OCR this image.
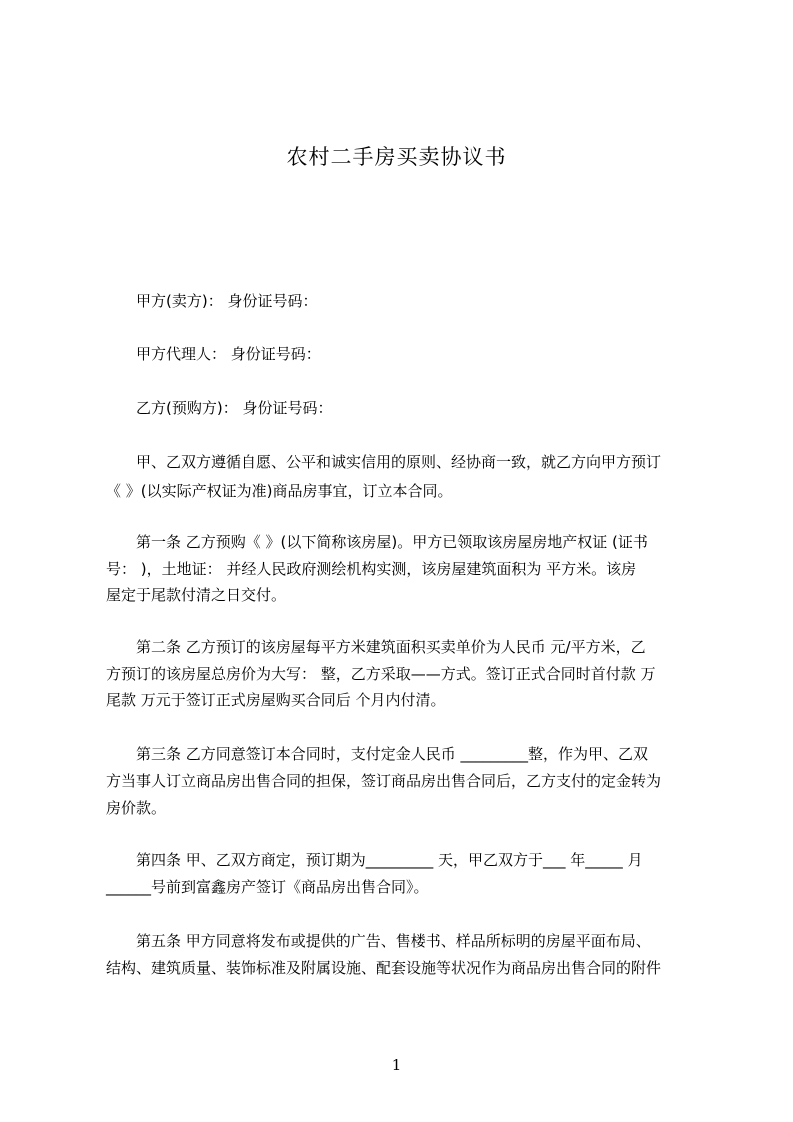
农村二手房买卖协议书
甲方(卖方)： 身份证号码：
甲方代理人： 身份证号码：
乙方(预购方)： 身份证号码：
甲、乙双方遵循自愿、公平和诚实信用的原则、经协商一致，就乙方向甲方预订
《 》(以实际产权证为准)商品房事宜，订立本合同。
第一条 乙方预购《 》(以下简称该房屋)。甲方已领取该房屋房地产权证 (证书
号： )，土地证： 并经人民政府测绘机构实测，该房屋建筑面积为 平方米。该房
屋定于尾款付清之日交付。
第二条 乙方预订的该房屋每平方米建筑面积买卖单价为人民币 元/平方米，乙
方预订的该房屋总房价为大写： 整，乙方采取——方式。签订正式合同时首付款 万
尾款 万元于签订正式房屋购买合同后 个月内付清。
第三条 乙方同意签订本合同时，支付定金人民币 _________整，作为甲、乙双
方当事人订立商品房出售合同的担保，签订商品房出售合同后，乙方支付的定金转为
房价款。
第四条 甲、乙双方商定，预订期为_________ 天，甲乙双方于___ 年_____ 月
______号前到富鑫房产签订《商品房出售合同》。
第五条 甲方同意将发布或提供的广告、售楼书、样品所标明的房屋平面布局、
结构、建筑质量、装饰标准及附属设施、配套设施等状况作为商品房出售合同的附件
1
